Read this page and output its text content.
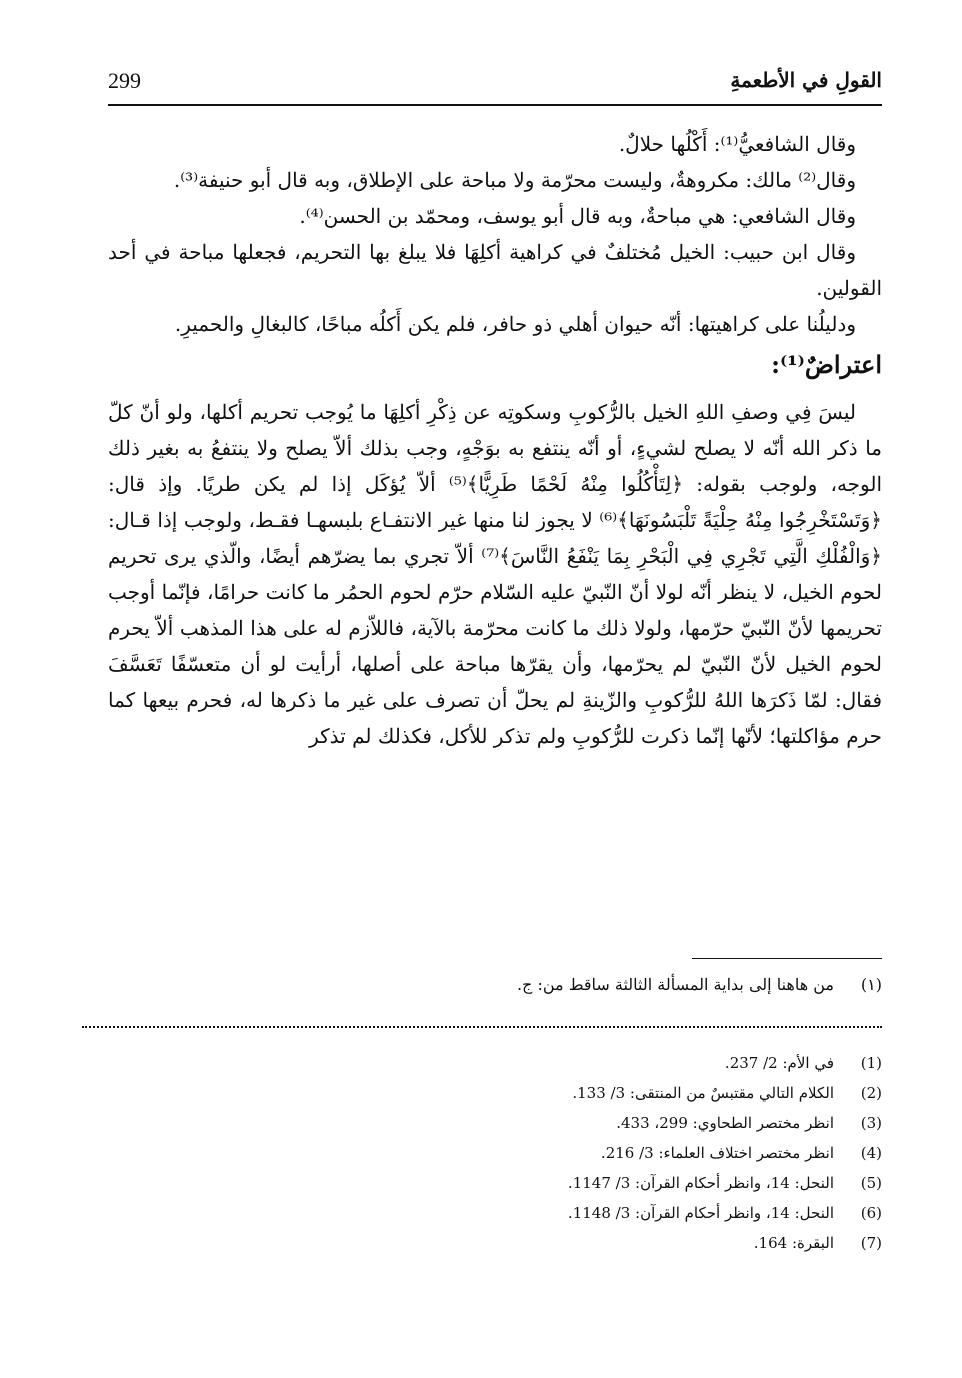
299	القولِ في الأطعمةِ

وقال الشافعيُّ⁽¹⁾: أَكْلُها حلالٌ.

وقال⁽²⁾ مالك: مكروهةٌ، وليست محرّمة ولا مباحة على الإطلاق، وبه قال أبو حنيفة⁽³⁾.

وقال الشافعي: هي مباحةٌ، وبه قال أبو يوسف، ومحمّد بن الحسن⁽⁴⁾.

وقال ابن حبيب: الخيل مُختلفٌ في كراهية أكلِهَا فلا يبلغ بها التحريم، فجعلها مباحة في أحد القولين.

ودليلُنا على كراهيتها: أنّه حيوان أهلي ذو حافر، فلم يكن أَكلُه مباحًا، كالبغالِ والحميرِ.

اعتراضٌ⁽¹⁾:

ليسَ فِي وصفِ اللهِ الخيل بالرُّكوبِ وسكوتِه عن ذِكْرِ أكلِهَا ما يُوجب تحريم أكلها، ولو أنّ كلّ ما ذكر الله أنّه لا يصلح لشيءٍ، أو أنّه ينتفع به بوَجْهٍ، وجب بذلك ألاّ يصلح ولا ينتفعُ به بغير ذلك الوجه، ولوجب بقوله: ﴿لِتَأْكُلُوا مِنْهُ لَحْمًا طَرِيًّا﴾⁽⁵⁾ ألاّ يُؤكَل إذا لم يكن طريًا. وإذ قال: ﴿وَتَسْتَخْرِجُوا مِنْهُ حِلْيَةً تَلْبَسُونَهَا﴾⁽⁶⁾ لا يجوز لنا منها غير الانتفـاع بلبسهـا فقـط، ولوجب إذا قـال: ﴿وَالْفُلْكِ الَّتِي تَجْرِي فِي الْبَحْرِ بِمَا يَنْفَعُ النَّاسَ﴾⁽⁷⁾ ألاّ تجري بما يضرّهم أيضًا، والّذي يرى تحريم لحوم الخيل، لا ينظر أنّه لولا أنّ النّبيّ عليه السّلام حرّم لحوم الحمُر ما كانت حرامًا، فإنّما أوجب تحريمها لأنّ النّبيّ حرّمها، ولولا ذلك ما كانت محرّمة بالآية، فاللاّزم له على هذا المذهب ألاّ يحرم لحوم الخيل لأنّ النّبيّ لم يحرّمها، وأن يقرّها مباحة على أصلها، أرأيت لو أن متعسّفًا تَعَسَّفَ فقال: لمّا ذَكرَها اللهُ للرُّكوبِ والزّينةِ لم يحلّ أن تصرف على غير ما ذكرها له، فحرم بيعها كما حرم مؤاكلتها؛ لأنّها إنّما ذكرت للرُّكوبِ ولم تذكر للأكل، فكذلك لم تذكر

(١)
من هاهنا إلى بداية المسألة الثالثة ساقط من: ج.
(1)
في الأم: 2/ 237.
(2)
الكلام التالي مقتبسٌ من المنتقى: 3/ 133.
(3)
انظر مختصر الطحاوي: 299، 433.
(4)
انظر مختصر اختلاف العلماء: 3/ 216.
(5)
النحل: 14، وانظر أحكام القرآن: 3/ 1147.
(6)
النحل: 14، وانظر أحكام القرآن: 3/ 1148.
(7)
البقرة: 164.
